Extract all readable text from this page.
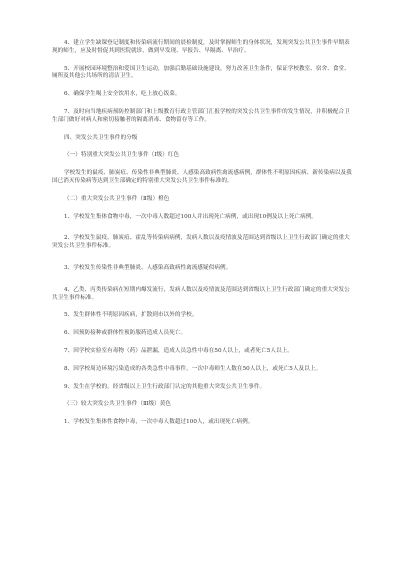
4、建立学生缺课登记制度和传染病流行期间的晨检制度，及时掌握师生的身体状况，发现突发公共卫生事件早期表现的师生，应及时督促其到医院就诊，做到早发现、早报告、早隔离、早治疗。

5、开展校园环境整治和爱国卫生运动，加强后勤基础设施建设，努力改善卫生条件，保证学校教室、宿舍、食堂、厕所及其他公共场所的清洁卫生。

6、确保学生喝上安全饮用水，吃上放心饭菜。

7、及时向当地疾病预防控制部门和上级教育行政主管部门汇报学校的突发公共卫生事件的发生情况，并积极配合卫生部门做好对病人和密切接触者的隔离消毒、食物留存等工作。

四、突发公共卫生事件的分级

（一）特别重大突发公共卫生事件（Ⅰ级）红色

学校发生的鼠疫、肺炭疽、传染性非典型肺炎、人感染高致病性禽流感病例，群体性不明原因疾病、新传染病以及我国已消灭传染病等达到卫生部确定的特别重大突发公共卫生事件标准的。

（二）重大突发公共卫生事件（Ⅱ级）橙色

1、学校发生集体食物中毒，一次中毒人数超过100人并出现死亡病例，或出现10例及以上死亡病例。

2、学校发生鼠疫、肺炭疽、霍乱等传染病病例，发病人数以及疫情波及范围达到省级以上卫生行政部门确定的重大突发公共卫生事件标准。

3、学校发生传染性非典型肺炎、人感染高致病性禽流感疑似病例。

4、乙类、丙类传染病在短期内爆发流行，发病人数以及疫情波及范围达到省级以上卫生行政部门确定的重大突发公共卫生事件标准。

5、发生群体性不明原因疾病，扩散到市以外的学校。

6、因预防接种或群体性预防服药造成人员死亡。

7、因学校实验室有毒物（药）品泄漏，造成人员急性中毒在50人以上，或者死亡5人以上。

8、因学校周边环境污染造成的各类急性中毒事件，一次中毒师生人数在50人以上，或死亡5人及以上。

9、发生在学校的，经省级以上卫生行政部门认定的其他重大突发公共卫生事件。

（三）较大突发公共卫生事件（Ⅲ级）黄色

1、学校发生集体性食物中毒，一次中毒人数超过100人，或出现死亡病例。
